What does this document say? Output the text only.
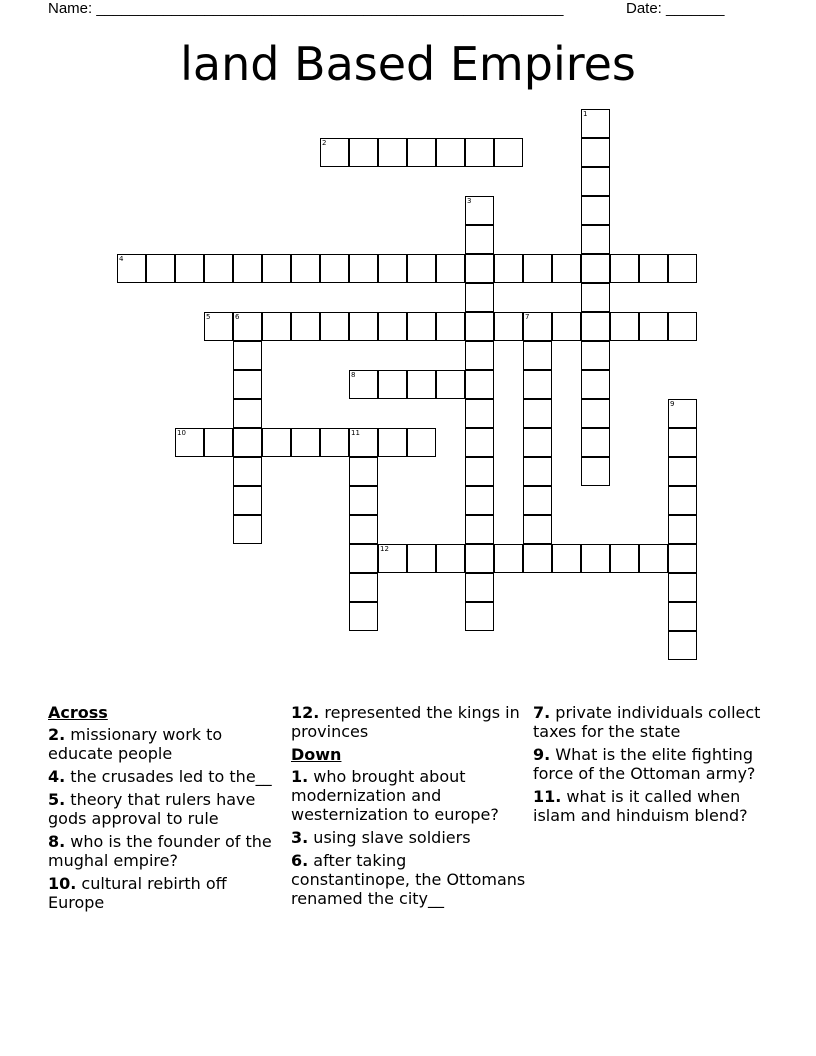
Name: ________________________________________________________	Date: _______
land Based Empires
1
2
3
4
5	6	7
8
9
10	11
12
Across
2. missionary work to educate people
4. the crusades led to the__
5. theory that rulers have gods approval to rule
8. who is the founder of the mughal empire?
10. cultural rebirth off Europe
12. represented the kings in provinces
Down
1. who brought about modernization and westernization to europe?
3. using slave soldiers
6. after taking constantinope, the Ottomans renamed the city__
7. private individuals collect taxes for the state
9. What is the elite fighting force of the Ottoman army?
11. what is it called when islam and hinduism blend?
